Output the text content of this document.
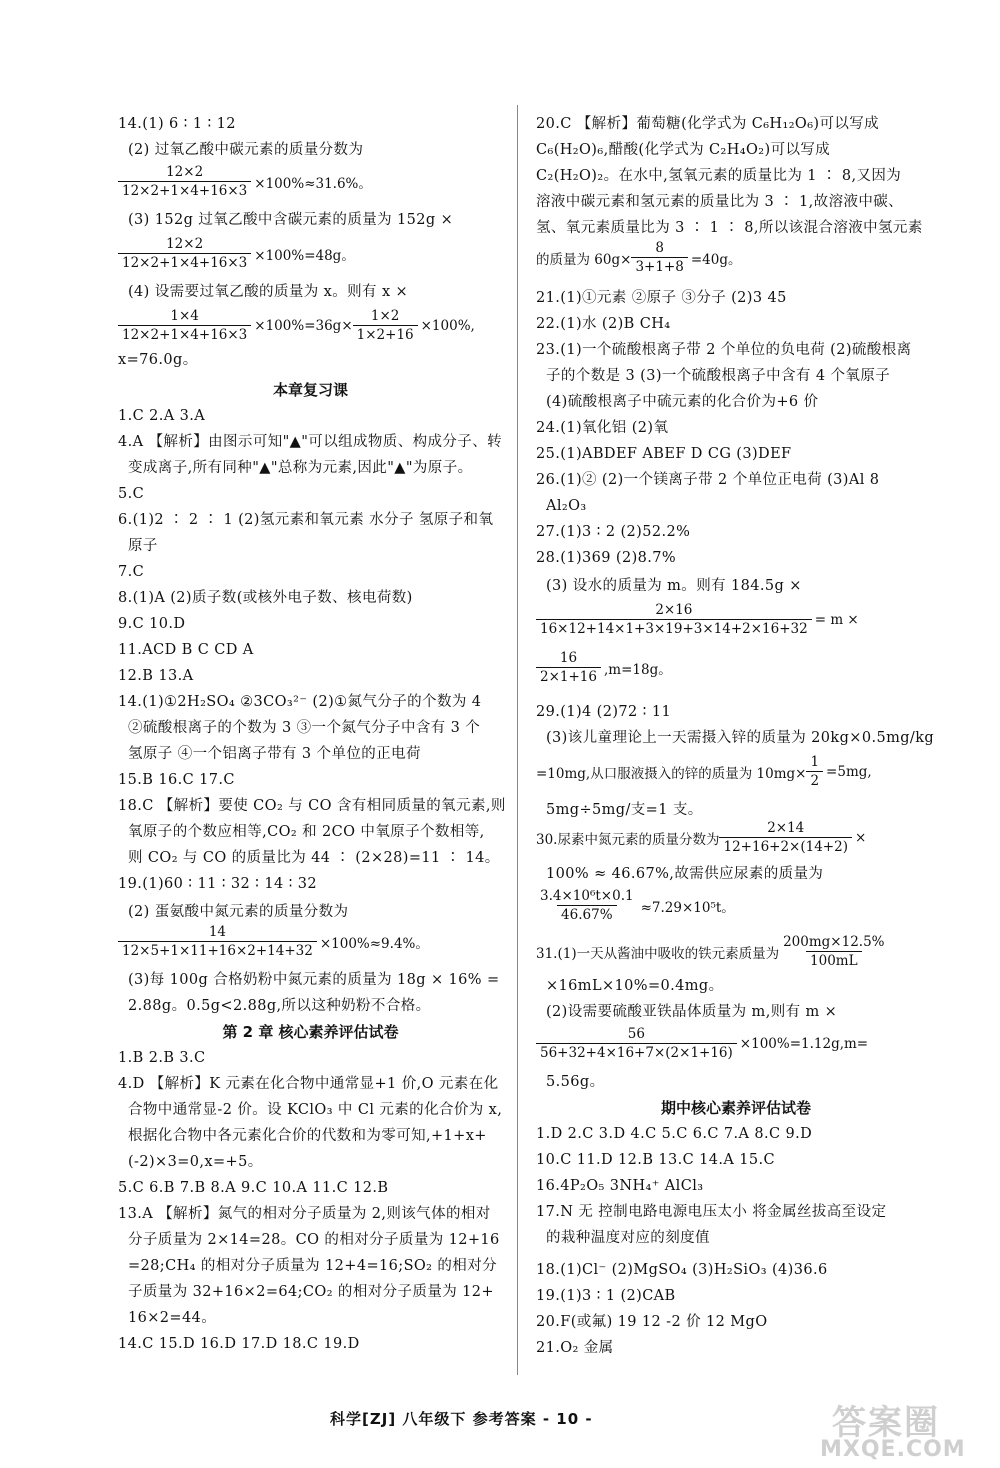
14.(1) 6 ∶ 1 ∶ 12
(2) 过氧乙酸中碳元素的质量分数为
$\frac{12\times 2}{12\times 2+1\times 4+16\times 3} \times 100\%\approx 31.6\%$。
(3) 152g 过氧乙酸中含碳元素的质量为 152g ×
$\frac{12\times 2}{12\times 2+1\times 4+16\times 3} \times 100\%=48g$。
(4) 设需要过氧乙酸的质量为 x。则有 x ×
$\frac{1\times 4}{12\times 2+1\times 4+16\times 3} \times 100\%=36g\times \frac{1\times 2}{1\times 2+16} \times 100\%$,
x=76.0g。
本章复习课
1.C 2.A 3.A
4.A 【解析】由图示可知"▲"可以组成物质、构成分子、转
变成离子,所有同种"▲"总称为元素,因此"▲"为原子。
5.C
6.(1)2 ∶ 2 ∶ 1 (2)氢元素和氧元素 水分子 氢原子和氧
原子
7.C
8.(1)A (2)质子数(或核外电子数、核电荷数)
9.C 10.D
11.ACD B C CD A
12.B 13.A
14.(1)①2H₂SO₄ ②3CO₃²⁻ (2)①氮气分子的个数为 4
②硫酸根离子的个数为 3 ③一个氮气分子中含有 3 个
氢原子 ④一个铝离子带有 3 个单位的正电荷
15.B 16.C 17.C
18.C 【解析】要使 CO₂ 与 CO 含有相同质量的氧元素,则
氧原子的个数应相等,CO₂ 和 2CO 中氧原子个数相等,
则 CO₂ 与 CO 的质量比为 44 ∶ (2×28)=11 ∶ 14。
19.(1)60 ∶ 11 ∶ 32 ∶ 14 ∶ 32
(2) 蛋氨酸中氮元素的质量分数为
$\frac{14}{12\times 5+1\times 11+16\times 2+14+32} \times 100\%\approx 9.4\%$。
(3)每 100g 合格奶粉中氮元素的质量为 18g × 16% =
2.88g。0.5g<2.88g,所以这种奶粉不合格。
第 2 章 核心素养评估试卷
1.B 2.B 3.C
4.D 【解析】K 元素在化合物中通常显+1 价,O 元素在化
合物中通常显-2 价。设 KClO₃ 中 Cl 元素的化合价为 x,
根据化合物中各元素化合价的代数和为零可知,+1+x+
(-2)×3=0,x=+5。
5.C 6.B 7.B 8.A 9.C 10.A 11.C 12.B
13.A 【解析】氮气的相对分子质量为 2,则该气体的相对
分子质量为 2×14=28。CO 的相对分子质量为 12+16
=28;CH₄ 的相对分子质量为 12+4=16;SO₂ 的相对分
子质量为 32+16×2=64;CO₂ 的相对分子质量为 12+
16×2=44。
14.C 15.D 16.D 17.D 18.C 19.D
20.C 【解析】葡萄糖(化学式为 C₆H₁₂O₆)可以写成
C₆(H₂O)₆,醋酸(化学式为 C₂H₄O₂)可以写成
C₂(H₂O)₂。在水中,氢氧元素的质量比为 1 ∶ 8,又因为
溶液中碳元素和氢元素的质量比为 3 ∶ 1,故溶液中碳、
氢、氧元素质量比为 3 ∶ 1 ∶ 8,所以该混合溶液中氢元素
的质量为 $60g\times \frac{8}{3+1+8} =40g$。
21.(1)①元素 ②原子 ③分子 (2)3 45
22.(1)水 (2)B CH₄
23.(1)一个硫酸根离子带 2 个单位的负电荷 (2)硫酸根离
子的个数是 3 (3)一个硫酸根离子中含有 4 个氧原子
(4)硫酸根离子中硫元素的化合价为+6 价
24.(1)氧化铝 (2)氧
25.(1)ABDEF ABEF D CG (3)DEF
26.(1)② (2)一个镁离子带 2 个单位正电荷 (3)Al 8
Al₂O₃
27.(1)3 ∶ 2 (2)52.2%
28.(1)369 (2)8.7%
(3) 设水的质量为 m。则有 184.5g ×
$\frac{2\times 16}{16\times 12+14\times 1+3\times 19+3\times 14+2\times 16+32} = m$ ×
$\frac{16}{2\times 1+16} ,m=18g$。
29.(1)4 (2)72 ∶ 11
(3)该儿童理论上一天需摄入锌的质量为 20kg×0.5mg/kg
=10mg,从口服液摄入的锌的质量为 $10mg\times \frac{1}{2} =5mg$,
5mg÷5mg/支=1 支。
30.尿素中氮元素的质量分数为 $\frac{2\times 14}{12+16+2\times(14+2)}$ ×
100% ≈ 46.67%,故需供应尿素的质量为
$\frac{\text{3.4×10⁶t×0.1}}{46.67\%} \approx 7.29\times 10^5t$。
31.(1)一天从酱油中吸收的铁元素质量为 $\frac{200mg\times 12.5\%}{100mL}$
×16mL×10%=0.4mg。
(2)设需要硫酸亚铁晶体质量为 m,则有 m ×
$\frac{56}{56+32+4\times 16+7\times(2\times 1+16)} \times 100\%=1.12g,m=$
5.56g。
期中核心素养评估试卷
1.D 2.C 3.D 4.C 5.C 6.C 7.A 8.C 9.D
10.C 11.D 12.B 13.C 14.A 15.C
16.4P₂O₅ 3NH₄⁺ AlCl₃
17.N 无 控制电路电源电压太小 将金属丝拔高至设定
的栽种温度对应的刻度值
18.(1)Cl⁻ (2)MgSO₄ (3)H₂SiO₃ (4)36.6
19.(1)3 ∶ 1 (2)CAB
20.F(或氟) 19 12 -2 价 12 MgO
21.O₂ 金属
科学[ZJ] 八年级下 参考答案 - 10 -	答案圈
MXQE.COM
